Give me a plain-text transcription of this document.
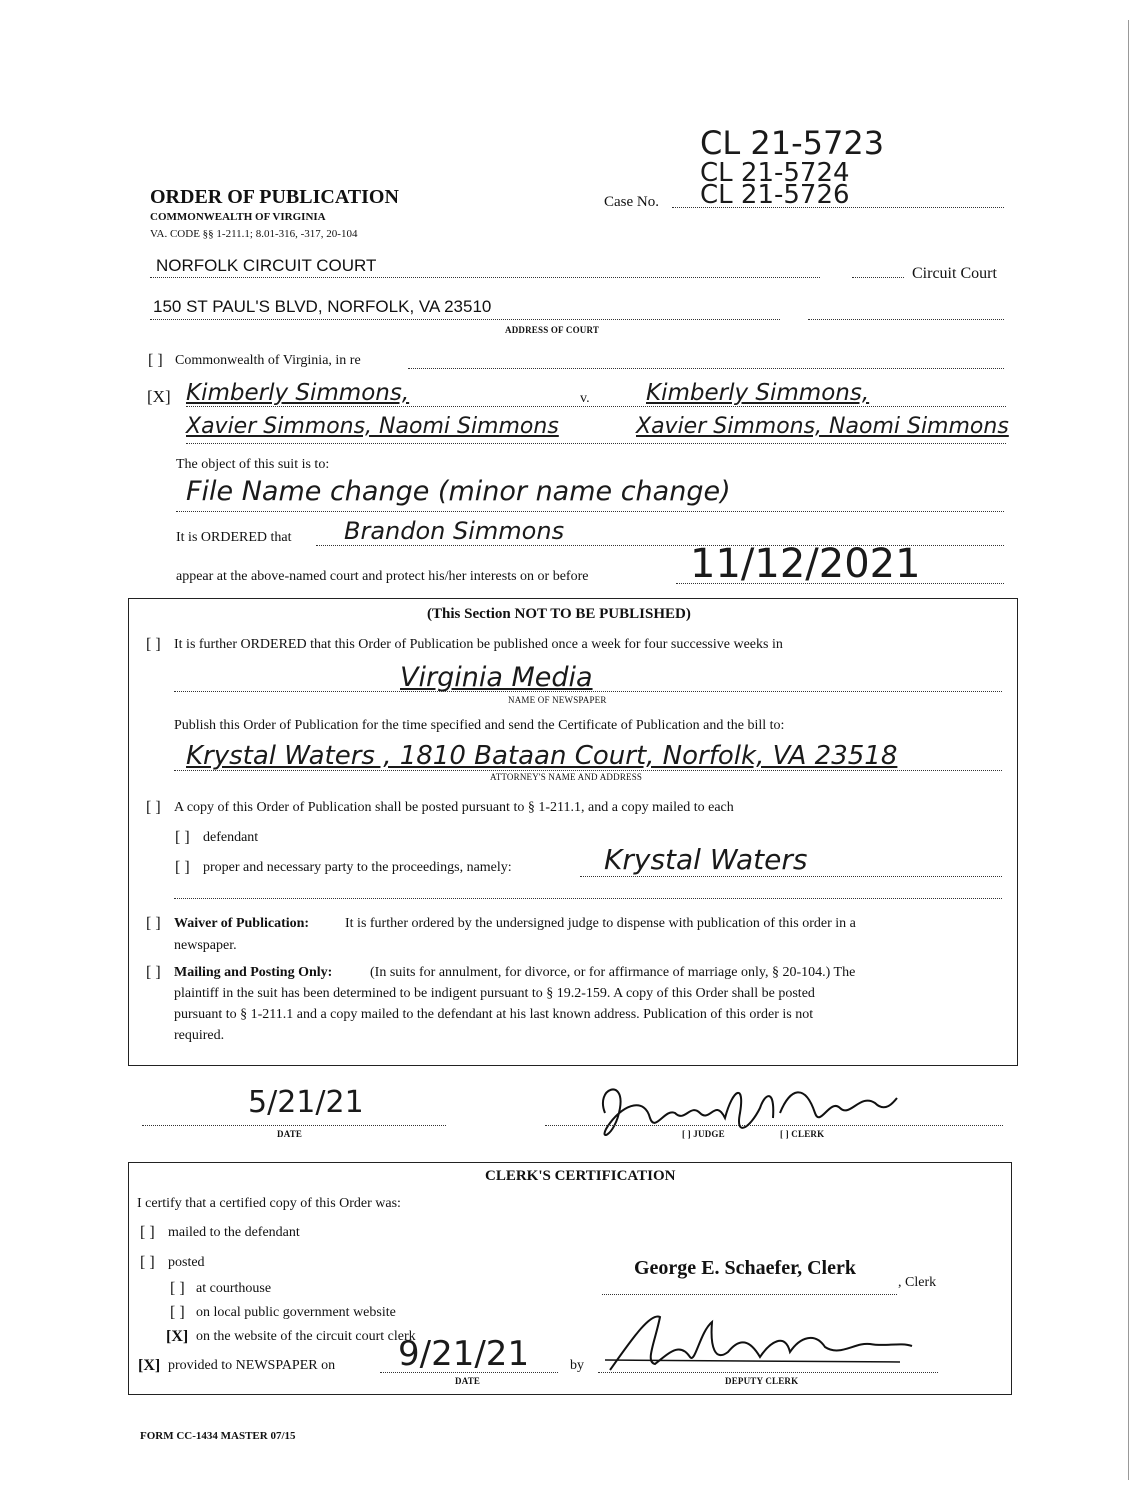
ORDER OF PUBLICATION
COMMONWEALTH OF VIRGINIA
VA. CODE §§ 1-211.1; 8.01-316, -317, 20-104
Case No.
CL 21-5723
CL 21-5724
CL 21-5726
NORFOLK CIRCUIT COURT	Circuit Court
150 ST PAUL'S BLVD, NORFOLK, VA 23510
ADDRESS OF COURT
[ ] Commonwealth of Virginia, in re
[X] Kimberly Simmons,	v. Kimberly Simmons,
Xavier Simmons, Naomi Simmons	Xavier Simmons, Naomi Simmons
The object of this suit is to:
File Name change (minor name change)
It is ORDERED that Brandon Simmons
appear at the above-named court and protect his/her interests on or before	11/12/2021
(This Section NOT TO BE PUBLISHED)
[ ] It is further ORDERED that this Order of Publication be published once a week for four successive weeks in
Virginia Media
NAME OF NEWSPAPER
Publish this Order of Publication for the time specified and send the Certificate of Publication and the bill to:
Krystal Waters , 1810 Bataan Court, Norfolk, VA 23518
ATTORNEY'S NAME AND ADDRESS
[ ] A copy of this Order of Publication shall be posted pursuant to § 1-211.1, and a copy mailed to each
[ ] defendant
[ ] proper and necessary party to the proceedings, namely:	Krystal Waters
[ ] Waiver of Publication:	It is further ordered by the undersigned judge to dispense with publication of this order in a
newspaper.
[ ] Mailing and Posting Only:	(In suits for annulment, for divorce, or for affirmance of marriage only, § 20-104.) The
plaintiff in the suit has been determined to be indigent pursuant to § 19.2-159. A copy of this Order shall be posted
pursuant to § 1-211.1 and a copy mailed to the defendant at his last known address. Publication of this order is not
required.
5/21/21
DATE	[ ] JUDGE	[ ] CLERK
CLERK'S CERTIFICATION
I certify that a certified copy of this Order was:
[ ] mailed to the defendant
[ ] posted
[ ] at courthouse
[ ] on local public government website
[X] on the website of the circuit court clerk
[X] provided to NEWSPAPER on 9/21/21
DATE
by
George E. Schaefer, Clerk
, Clerk
DEPUTY CLERK
FORM CC-1434 MASTER 07/15
